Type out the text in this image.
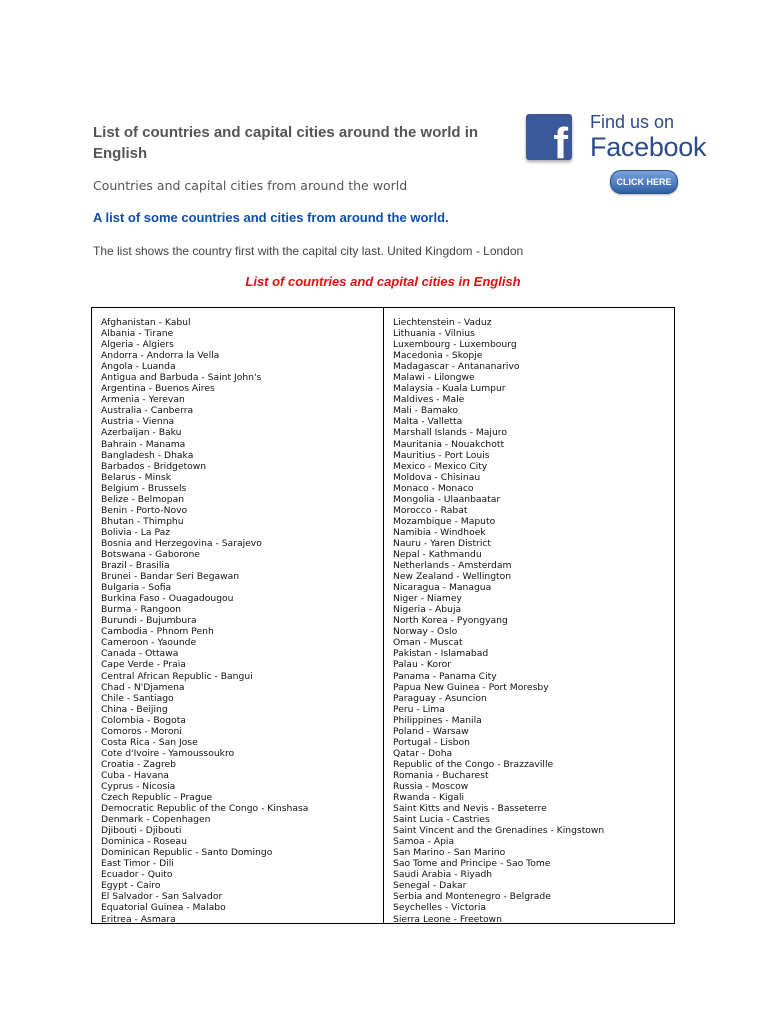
List of countries and capital cities around the world in English
Countries and capital cities from around the world
A list of some countries and cities from around the world.
The list shows the country first with the capital city last. United Kingdom - London
List of countries and capital cities in English
f Find us on
Facebook
CLICK HERE
Afghanistan - Kabul
Albania - Tirane
Algeria - Algiers
Andorra - Andorra la Vella
Angola - Luanda
Antigua and Barbuda - Saint John's
Argentina - Buenos Aires
Armenia - Yerevan
Australia - Canberra
Austria - Vienna
Azerbaijan - Baku
Bahrain - Manama
Bangladesh - Dhaka
Barbados - Bridgetown
Belarus - Minsk
Belgium - Brussels
Belize - Belmopan
Benin - Porto-Novo
Bhutan - Thimphu
Bolivia - La Paz
Bosnia and Herzegovina - Sarajevo
Botswana - Gaborone
Brazil - Brasilia
Brunei - Bandar Seri Begawan
Bulgaria - Sofia
Burkina Faso - Ouagadougou
Burma - Rangoon
Burundi - Bujumbura
Cambodia - Phnom Penh
Cameroon - Yaounde
Canada - Ottawa
Cape Verde - Praia
Central African Republic - Bangui
Chad - N'Djamena
Chile - Santiago
China - Beijing
Colombia - Bogota
Comoros - Moroni
Costa Rica - San Jose
Cote d'Ivoire - Yamoussoukro
Croatia - Zagreb
Cuba - Havana
Cyprus - Nicosia
Czech Republic - Prague
Democratic Republic of the Congo - Kinshasa
Denmark - Copenhagen
Djibouti - Djibouti
Dominica - Roseau
Dominican Republic - Santo Domingo
East Timor - Dili
Ecuador - Quito
Egypt - Cairo
El Salvador - San Salvador
Equatorial Guinea - Malabo
Eritrea - Asmara
Liechtenstein - Vaduz
Lithuania - Vilnius
Luxembourg - Luxembourg
Macedonia - Skopje
Madagascar - Antananarivo
Malawi - Lilongwe
Malaysia - Kuala Lumpur
Maldives - Male
Mali - Bamako
Malta - Valletta
Marshall Islands - Majuro
Mauritania - Nouakchott
Mauritius - Port Louis
Mexico - Mexico City
Moldova - Chisinau
Monaco - Monaco
Mongolia - Ulaanbaatar
Morocco - Rabat
Mozambique - Maputo
Namibia - Windhoek
Nauru - Yaren District
Nepal - Kathmandu
Netherlands - Amsterdam
New Zealand - Wellington
Nicaragua - Managua
Niger - Niamey
Nigeria - Abuja
North Korea - Pyongyang
Norway - Oslo
Oman - Muscat
Pakistan - Islamabad
Palau - Koror
Panama - Panama City
Papua New Guinea - Port Moresby
Paraguay - Asuncion
Peru - Lima
Philippines - Manila
Poland - Warsaw
Portugal - Lisbon
Qatar - Doha
Republic of the Congo - Brazzaville
Romania - Bucharest
Russia - Moscow
Rwanda - Kigali
Saint Kitts and Nevis - Basseterre
Saint Lucia - Castries
Saint Vincent and the Grenadines - Kingstown
Samoa - Apia
San Marino - San Marino
Sao Tome and Principe - Sao Tome
Saudi Arabia - Riyadh
Senegal - Dakar
Serbia and Montenegro - Belgrade
Seychelles - Victoria
Sierra Leone - Freetown
